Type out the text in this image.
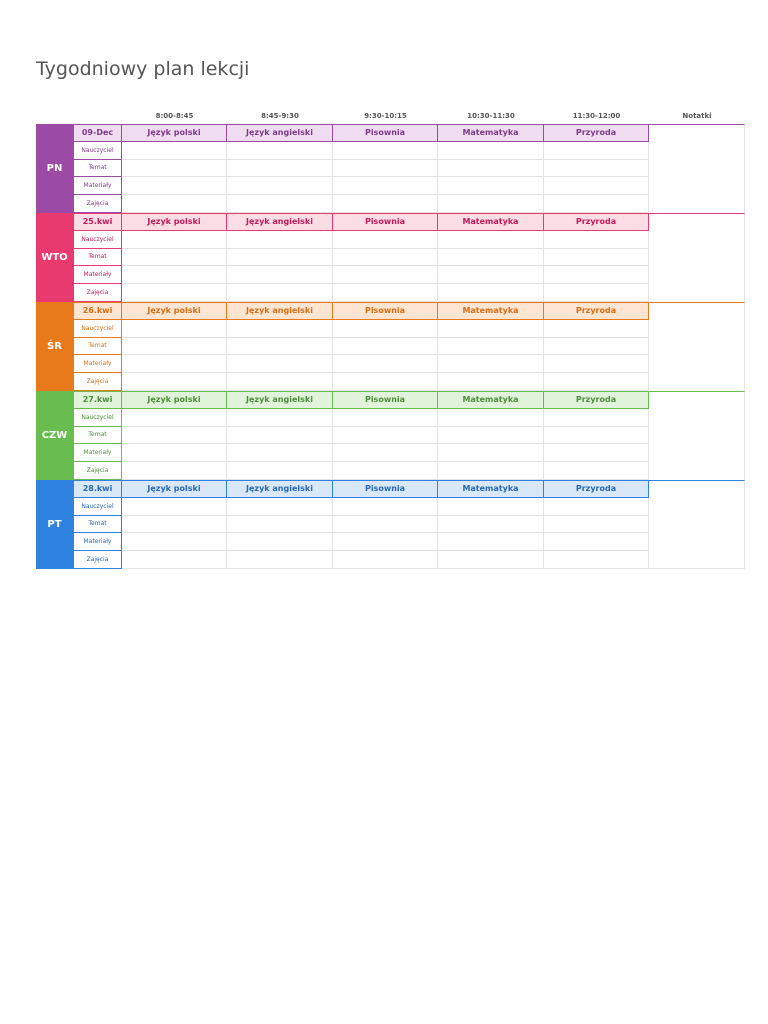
Tygodniowy plan lekcji
8:00-8:45	8:45-9:30	9:30-10:15	10:30-11:30	11:30-12:00	Notatki
PN
09-Dec	Język polski	Język angielski	Pisownia	Matematyka	Przyroda
Nauczyciel
Temat
Materiały
Zajęcia
WTO
25.kwi	Język polski	Język angielski	Pisownia	Matematyka	Przyroda
Nauczyciel
Temat
Materiały
Zajęcia
ŚR
26.kwi	Język polski	Język angielski	Pisownia	Matematyka	Przyroda
Nauczyciel
Temat
Materiały
Zajęcia
CZW
27.kwi	Język polski	Język angielski	Pisownia	Matematyka	Przyroda
Nauczyciel
Temat
Materiały
Zajęcia
PT
28.kwi	Język polski	Język angielski	Pisownia	Matematyka	Przyroda
Nauczyciel
Temat
Materiały
Zajęcia
